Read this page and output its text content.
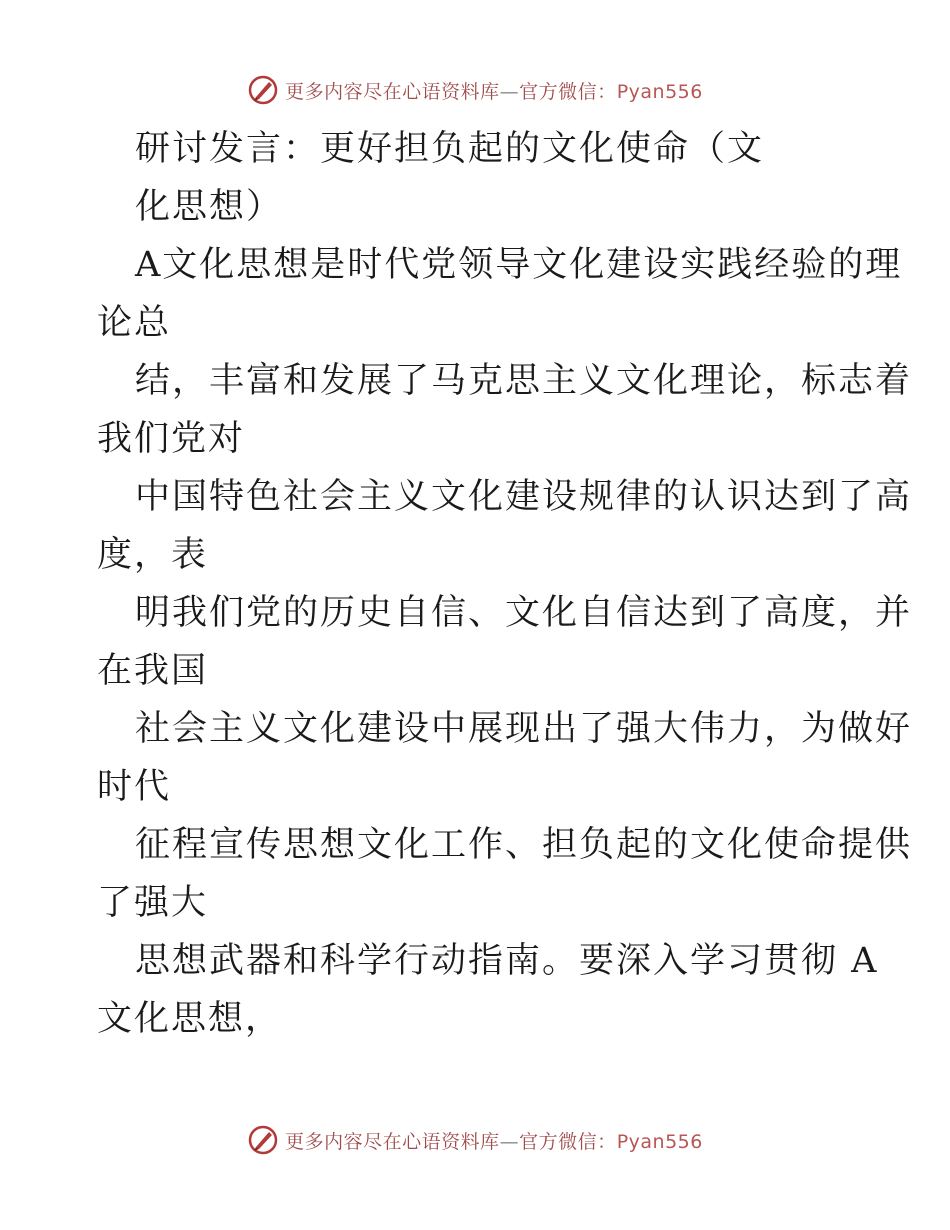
更多内容尽在心语资料库—官方微信：Pyan556
研讨发言：更好担负起的文化使命（文
化思想）
A文化思想是时代党领导文化建设实践经验的理
论总
结，丰富和发展了马克思主义文化理论，标志着
我们党对
中国特色社会主义文化建设规律的认识达到了高
度，表
明我们党的历史自信、文化自信达到了高度，并
在我国
社会主义文化建设中展现出了强大伟力，为做好
时代
征程宣传思想文化工作、担负起的文化使命提供
了强大
思想武器和科学行动指南。要深入学习贯彻 A
文化思想，
更多内容尽在心语资料库—官方微信：Pyan556
